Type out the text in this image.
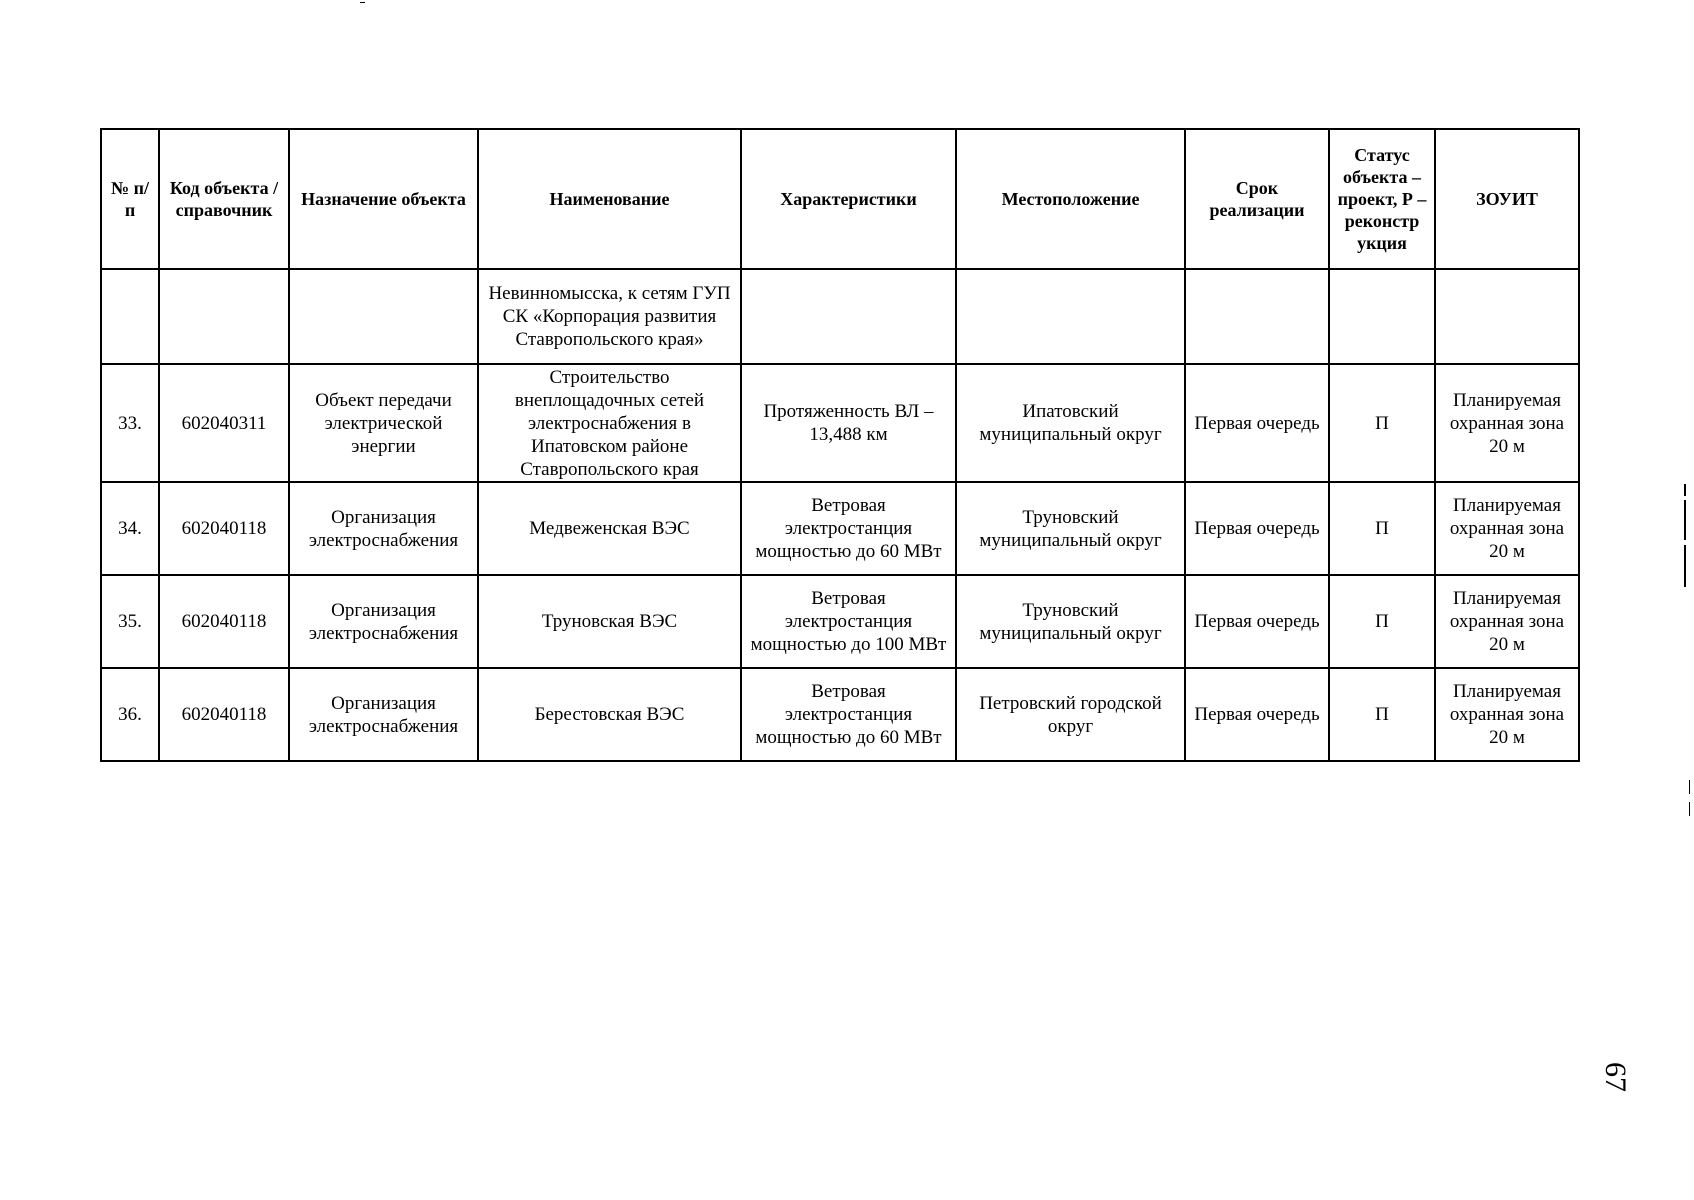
№ п/п	Код объекта / справочник	Назначение объекта	Наименование	Характеристики	Местоположение	Срок реализации	Статус объекта – проект, Р – реконстр укция	ЗОУИТ
			Невинномысска, к сетям ГУП СК «Корпорация развития Ставропольского края»					
33.	602040311	Объект передачи электрической энергии	Строительство внеплощадочных сетей электроснабжения в Ипатовском районе Ставропольского края	Протяженность ВЛ – 13,488 км	Ипатовский муниципальный округ	Первая очередь	П	Планируемая охранная зона 20 м
34.	602040118	Организация электроснабжения	Медвеженская ВЭС	Ветровая электростанция мощностью до 60 МВт	Труновский муниципальный округ	Первая очередь	П	Планируемая охранная зона 20 м
35.	602040118	Организация электроснабжения	Труновская ВЭС	Ветровая электростанция мощностью до 100 МВт	Труновский муниципальный округ	Первая очередь	П	Планируемая охранная зона 20 м
36.	602040118	Организация электроснабжения	Берестовская ВЭС	Ветровая электростанция мощностью до 60 МВт	Петровский городской округ	Первая очередь	П	Планируемая охранная зона 20 м
67
